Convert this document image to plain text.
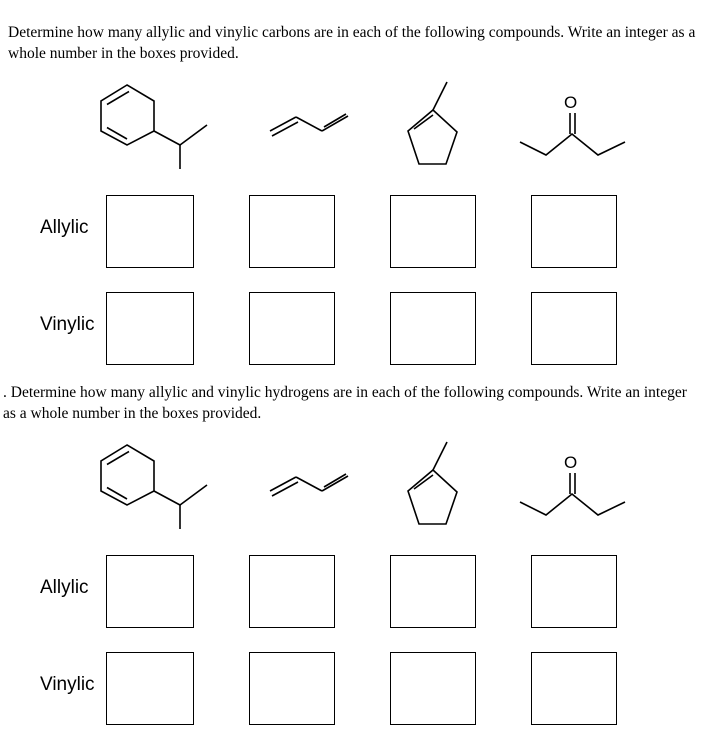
Determine how many allylic and vinylic carbons are in each of the following compounds. Write an integer as a whole number in the boxes provided.
O
Allylic
Vinylic
. Determine how many allylic and vinylic hydrogens are in each of the following compounds. Write an integer as a whole number in the boxes provided.
O
Allylic
Vinylic
